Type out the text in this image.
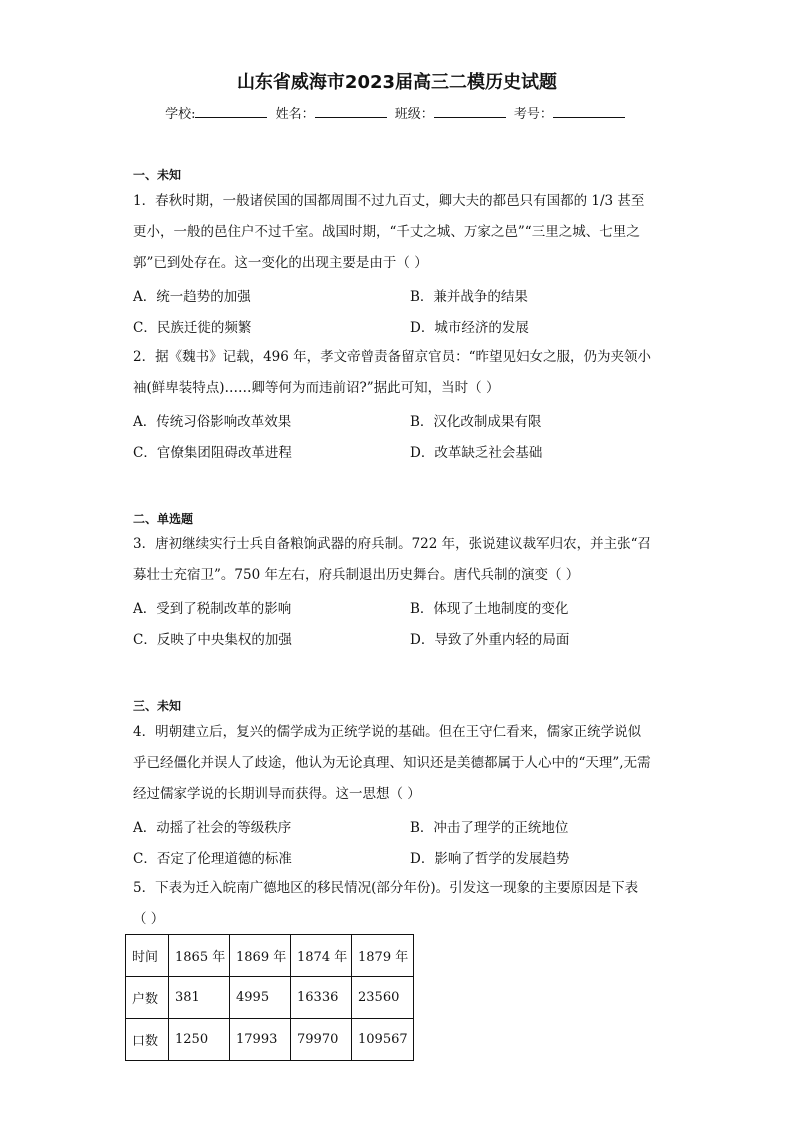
山东省威海市2023届高三二模历史试题
学校:	姓名：	班级：	考号：
一、未知

1．春秋时期，一般诸侯国的国都周围不过九百丈，卿大夫的都邑只有国都的 1/3 甚至

更小，一般的邑住户不过千室。战国时期，“千丈之城、万家之邑”“三里之城、七里之

郭”已到处存在。这一变化的出现主要是由于（ ）

A．统一趋势的加强	B．兼并战争的结果
C．民族迁徙的频繁	D．城市经济的发展

2．据《魏书》记载，496 年，孝文帝曾责备留京官员：“昨望见妇女之服，仍为夹领小

袖(鲜卑装特点)……卿等何为而违前诏?”据此可知，当时（ ）

A．传统习俗影响改革效果	B．汉化改制成果有限
C．官僚集团阻碍改革进程	D．改革缺乏社会基础
二、单选题

3．唐初继续实行士兵自备粮饷武器的府兵制。722 年，张说建议裁军归农，并主张“召

募壮士充宿卫”。750 年左右，府兵制退出历史舞台。唐代兵制的演变（ ）

A．受到了税制改革的影响	B．体现了土地制度的变化
C．反映了中央集权的加强	D．导致了外重内轻的局面
三、未知

4．明朝建立后，复兴的儒学成为正统学说的基础。但在王守仁看来，儒家正统学说似

乎已经僵化并误人了歧途，他认为无论真理、知识还是美德都属于人心中的“天理”,无需

经过儒家学说的长期训导而获得。这一思想（ ）

A．动摇了社会的等级秩序	B．冲击了理学的正统地位
C．否定了伦理道德的标准	D．影响了哲学的发展趋势

5．下表为迁入皖南广德地区的移民情况(部分年份)。引发这一现象的主要原因是下表

（ ）

时间	1865 年	1869 年	1874 年	1879 年
户数	381	4995	16336	23560
口数	1250	17993	79970	109567
